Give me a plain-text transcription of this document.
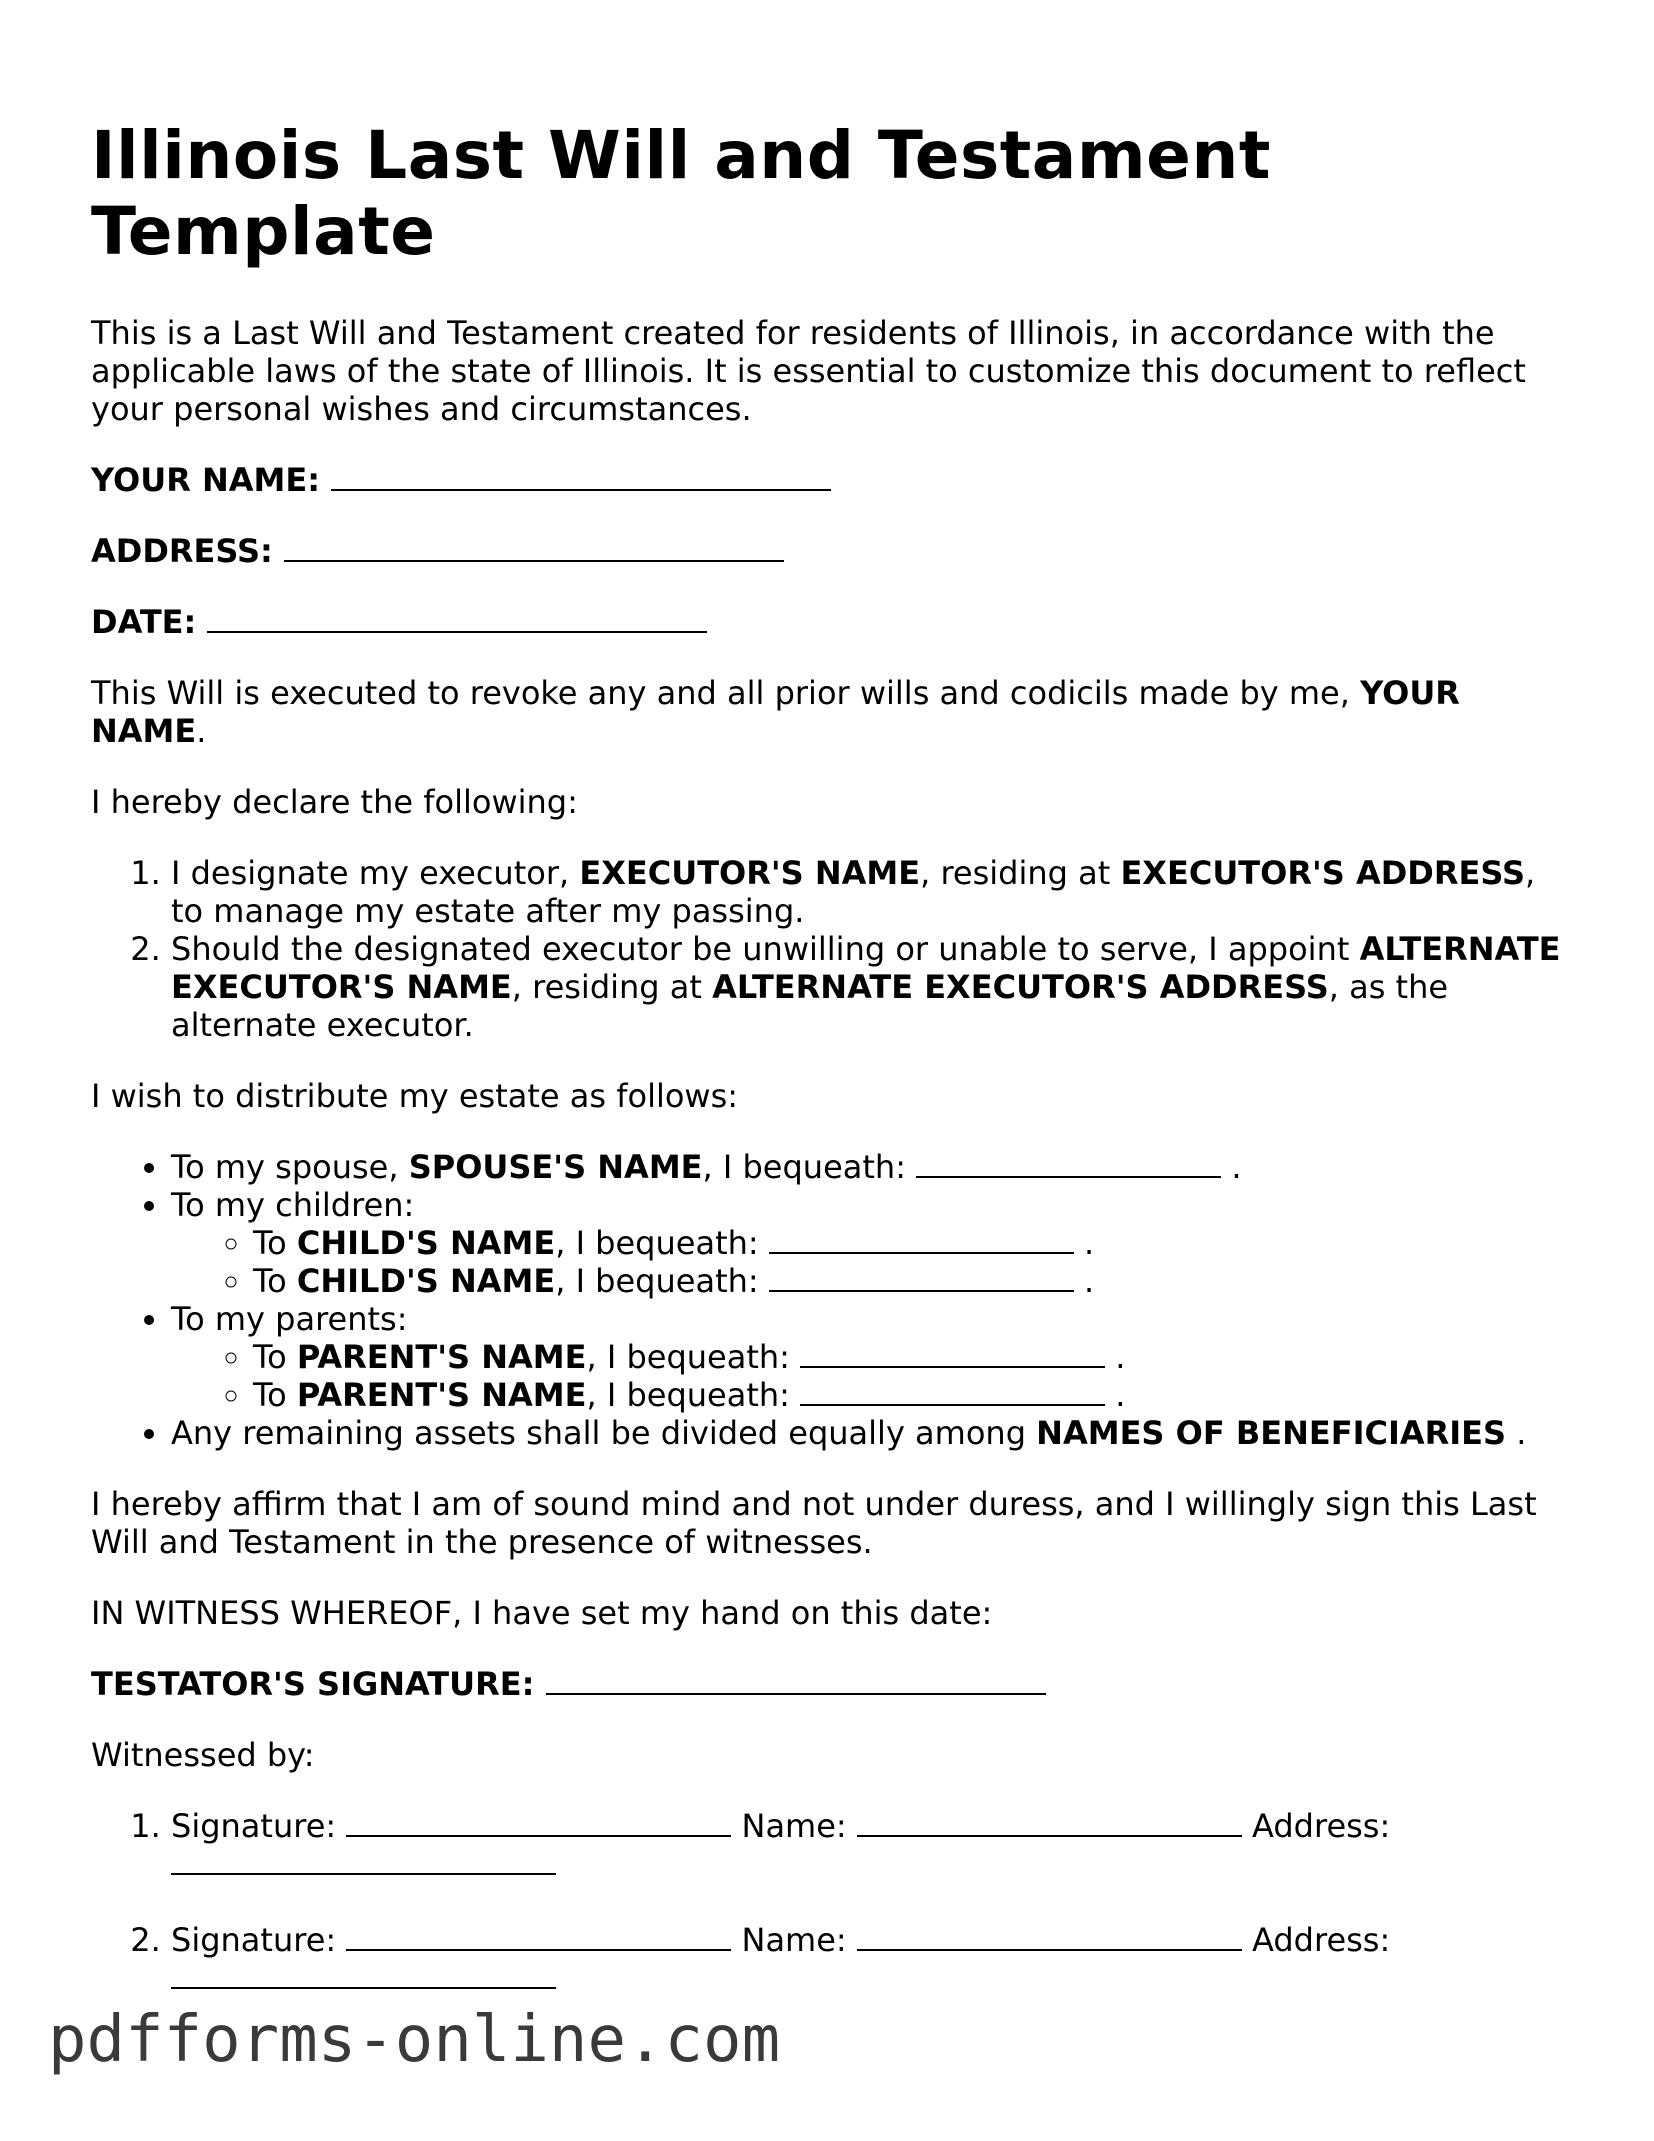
Illinois Last Will and Testament Template

This is a Last Will and Testament created for residents of Illinois, in accordance with the applicable laws of the state of Illinois. It is essential to customize this document to reflect your personal wishes and circumstances.

YOUR NAME:
ADDRESS:
DATE:

This Will is executed to revoke any and all prior wills and codicils made by me, YOUR NAME.

I hereby declare the following:

1. I designate my executor, EXECUTOR'S NAME, residing at EXECUTOR'S ADDRESS, to manage my estate after my passing.
2. Should the designated executor be unwilling or unable to serve, I appoint ALTERNATE EXECUTOR'S NAME, residing at ALTERNATE EXECUTOR'S ADDRESS, as the alternate executor.

I wish to distribute my estate as follows:

• To my spouse, SPOUSE'S NAME, I bequeath:	.
• To my children:
◦ To CHILD'S NAME, I bequeath:	.
◦ To CHILD'S NAME, I bequeath:	.
• To my parents:
◦ To PARENT'S NAME, I bequeath:	.
◦ To PARENT'S NAME, I bequeath:	.
• Any remaining assets shall be divided equally among NAMES OF BENEFICIARIES .

I hereby affirm that I am of sound mind and not under duress, and I willingly sign this Last Will and Testament in the presence of witnesses.

IN WITNESS WHEREOF, I have set my hand on this date:

TESTATOR'S SIGNATURE:

Witnessed by:

1. Signature:	Name:	Address:
2. Signature:	Name:	Address:
pdfforms-online.com
